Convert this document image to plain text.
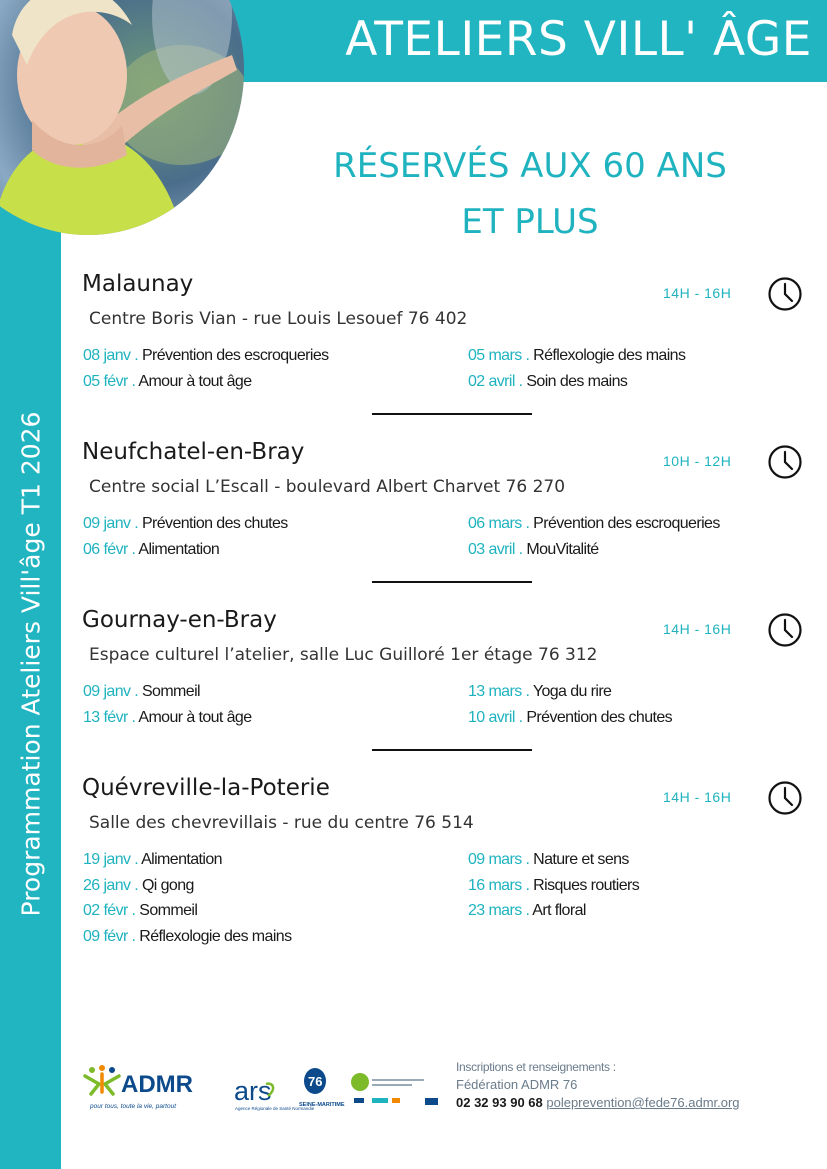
ATELIERS VILL' ÂGE
Programmation Ateliers Vill'âge T1 2026
RÉSERVÉS AUX 60 ANS
ET PLUS
Malaunay
Centre Boris Vian - rue Louis Lesouef 76 402
14H - 16H
08 janv . Prévention des escroqueries
05 févr . Amour à tout âge
05 mars . Réflexologie des mains
02 avril . Soin des mains
Neufchatel-en-Bray
Centre social L’Escall - boulevard Albert Charvet 76 270
10H - 12H
09 janv . Prévention des chutes
06 févr . Alimentation
06 mars . Prévention des escroqueries
03 avril . MouVitalité
Gournay-en-Bray
Espace culturel l’atelier, salle Luc Guilloré 1er étage 76 312
14H - 16H
09 janv . Sommeil
13 févr . Amour à tout âge
13 mars . Yoga du rire
10 avril . Prévention des chutes
Quévreville-la-Poterie
Salle des chevrevillais - rue du centre 76 514
14H - 16H
19 janv . Alimentation
26 janv . Qi gong
02 févr . Sommeil
09 févr . Réflexologie des mains
09 mars . Nature et sens
16 mars . Risques routiers
23 mars . Art floral
ADMR
pour tous, toute la vie, partout
ars
Agence Régionale de Santé Normandie
76
SEINE-MARITIME
Inscriptions et renseignements :
Fédération ADMR 76
02 32 93 90 68 poleprevention@fede76.admr.org
